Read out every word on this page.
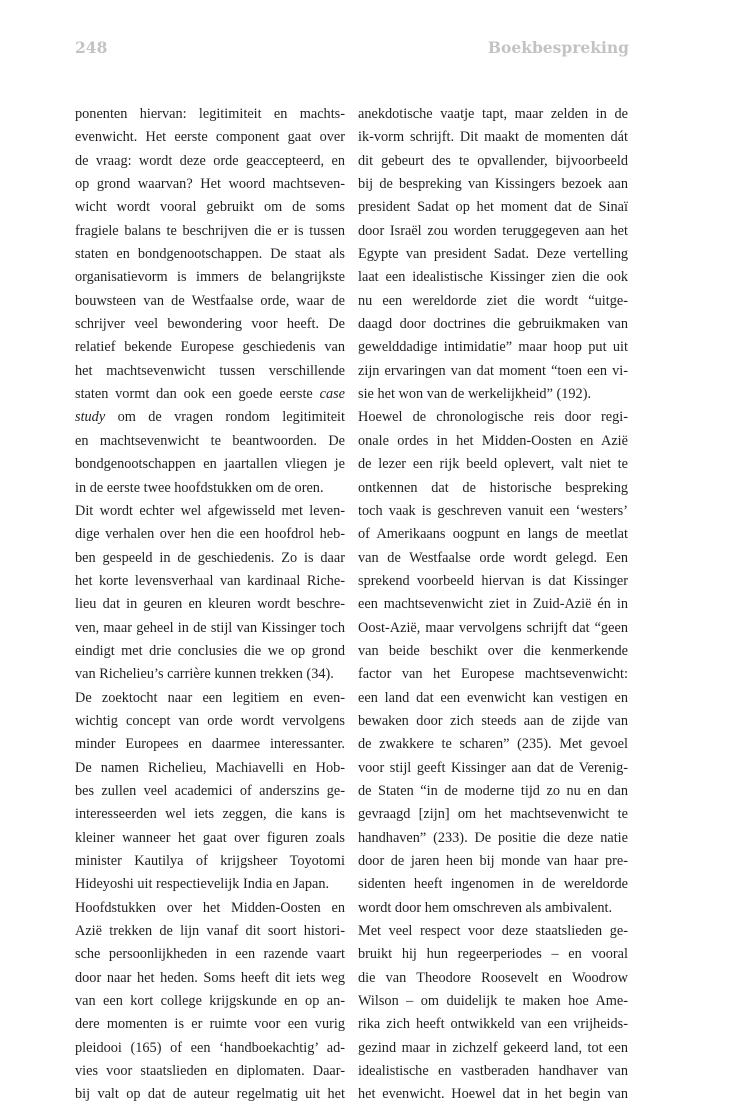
248	Boekbespreking
ponenten hiervan: legitimiteit en machts-
evenwicht. Het eerste component gaat over
de vraag: wordt deze orde geaccepteerd, en
op grond waarvan? Het woord machtseven-
wicht wordt vooral gebruikt om de soms
fragiele balans te beschrijven die er is tussen
staten en bondgenootschappen. De staat als
organisatievorm is immers de belangrijkste
bouwsteen van de Westfaalse orde, waar de
schrijver veel bewondering voor heeft. De
relatief bekende Europese geschiedenis van
het machtsevenwicht tussen verschillende
staten vormt dan ook een goede eerste case
study om de vragen rondom legitimiteit
en machtsevenwicht te beantwoorden. De
bondgenootschappen en jaartallen vliegen je
in de eerste twee hoofdstukken om de oren.
Dit wordt echter wel afgewisseld met leven-
dige verhalen over hen die een hoofdrol heb-
ben gespeeld in de geschiedenis. Zo is daar
het korte levensverhaal van kardinaal Riche-
lieu dat in geuren en kleuren wordt beschre-
ven, maar geheel in de stijl van Kissinger toch
eindigt met drie conclusies die we op grond
van Richelieu’s carrière kunnen trekken (34).
De zoektocht naar een legitiem en even-
wichtig concept van orde wordt vervolgens
minder Europees en daarmee interessanter.
De namen Richelieu, Machiavelli en Hob-
bes zullen veel academici of anderszins ge-
interesseerden wel iets zeggen, die kans is
kleiner wanneer het gaat over figuren zoals
minister Kautilya of krijgsheer Toyotomi
Hideyoshi uit respectievelijk India en Japan.
Hoofdstukken over het Midden-Oosten en
Azië trekken de lijn vanaf dit soort histori-
sche persoonlijkheden in een razende vaart
door naar het heden. Soms heeft dit iets weg
van een kort college krijgskunde en op an-
dere momenten is er ruimte voor een vurig
pleidooi (165) of een ‘handboekachtig’ ad-
vies voor staatslieden en diplomaten. Daar-
bij valt op dat de auteur regelmatig uit het
anekdotische vaatje tapt, maar zelden in de
ik-vorm schrijft. Dit maakt de momenten dát
dit gebeurt des te opvallender, bijvoorbeeld
bij de bespreking van Kissingers bezoek aan
president Sadat op het moment dat de Sinaï
door Israël zou worden teruggegeven aan het
Egypte van president Sadat. Deze vertelling
laat een idealistische Kissinger zien die ook
nu een wereldorde ziet die wordt “uitge-
daagd door doctrines die gebruikmaken van
gewelddadige intimidatie” maar hoop put uit
zijn ervaringen van dat moment “toen een vi-
sie het won van de werkelijkheid” (192).
Hoewel de chronologische reis door regi-
onale ordes in het Midden-Oosten en Azië
de lezer een rijk beeld oplevert, valt niet te
ontkennen dat de historische bespreking
toch vaak is geschreven vanuit een ‘westers’
of Amerikaans oogpunt en langs de meetlat
van de Westfaalse orde wordt gelegd. Een
sprekend voorbeeld hiervan is dat Kissinger
een machtsevenwicht ziet in Zuid-Azië én in
Oost-Azië, maar vervolgens schrijft dat “geen
van beide beschikt over die kenmerkende
factor van het Europese machtsevenwicht:
een land dat een evenwicht kan vestigen en
bewaken door zich steeds aan de zijde van
de zwakkere te scharen” (235). Met gevoel
voor stijl geeft Kissinger aan dat de Verenig-
de Staten “in de moderne tijd zo nu en dan
gevraagd [zijn] om het machtsevenwicht te
handhaven” (233). De positie die deze natie
door de jaren heen bij monde van haar pre-
sidenten heeft ingenomen in de wereldorde
wordt door hem omschreven als ambivalent.
Met veel respect voor deze staatslieden ge-
bruikt hij hun regeerperiodes – en vooral
die van Theodore Roosevelt en Woodrow
Wilson – om duidelijk te maken hoe Ame-
rika zich heeft ontwikkeld van een vrijheids-
gezind maar in zichzelf gekeerd land, tot een
idealistische en vastberaden handhaver van
het evenwicht. Hoewel dat in het begin van
